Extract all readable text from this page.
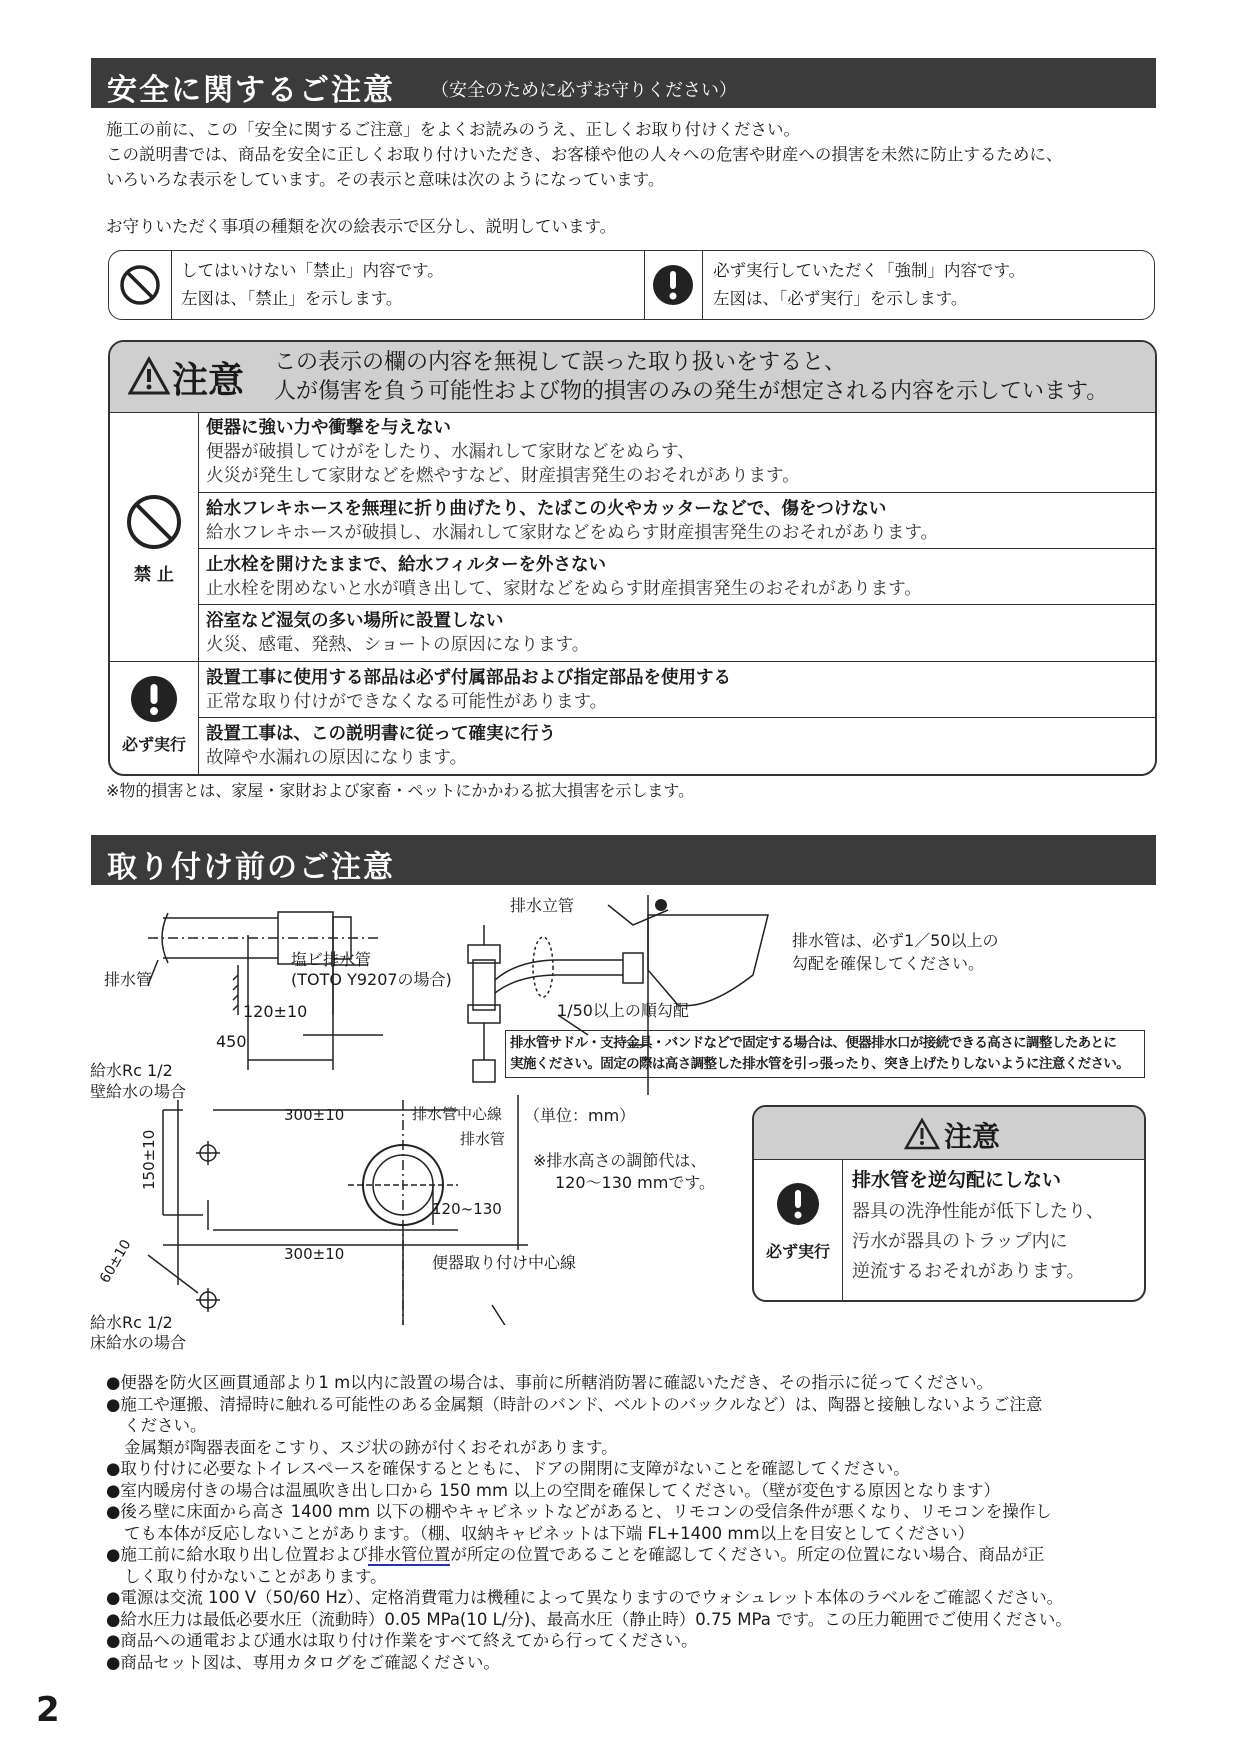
安全に関するご注意 （安全のために必ずお守りください）

施工の前に、この「安全に関するご注意」をよくお読みのうえ、正しくお取り付けください。

この説明書では、商品を安全に正しくお取り付けいただき、お客様や他の人々への危害や財産への損害を未然に防止するために、

いろいろな表示をしています。その表示と意味は次のようになっています。

お守りいただく事項の種類を次の絵表示で区分し、説明しています。
してはいけない「禁止」内容です。
左図は、「禁止」を示します。
必ず実行していただく「強制」内容です。
左図は、「必ず実行」を示します。
注意 この表示の欄の内容を無視して誤った取り扱いをすると、
人が傷害を負う可能性および物的損害のみの発生が想定される内容を示しています。
禁 止
必ず実行
便器に強い力や衝撃を与えない
便器が破損してけがをしたり、水漏れして家財などをぬらす、
火災が発生して家財などを燃やすなど、財産損害発生のおそれがあります。
給水フレキホースを無理に折り曲げたり、たばこの火やカッターなどで、傷をつけない
給水フレキホースが破損し、水漏れして家財などをぬらす財産損害発生のおそれがあります。
止水栓を開けたままで、給水フィルターを外さない
止水栓を閉めないと水が噴き出して、家財などをぬらす財産損害発生のおそれがあります。
浴室など湿気の多い場所に設置しない
火災、感電、発熱、ショートの原因になります。
設置工事に使用する部品は必ず付属部品および指定部品を使用する
正常な取り付けができなくなる可能性があります。
設置工事は、この説明書に従って確実に行う
故障や水漏れの原因になります。
※物的損害とは、家屋・家財および家畜・ペットにかかわる拡大損害を示します。
取り付け前のご注意
排水管
塩ビ排水管
(TOTO Y9207の場合)
120±10
450
排水立管
1/50以上の順勾配
排水管は、必ず1／50以上の
勾配を確保してください。
排水管サドル・支持金具・バンドなどで固定する場合は、便器排水口が接続できる高さに調整したあとに
実施ください。固定の際は高さ調整した排水管を引っ張ったり、突き上げたりしないように注意ください。
給水Rc 1/2
壁給水の場合
300±10	排水管中心線 （単位：mm）
排水管
150±10
120~130
※排水高さの調節代は、
120～130 mmです。
300±10
60±10	便器取り付け中心線
給水Rc 1/2
床給水の場合
注意
必ず実行
排水管を逆勾配にしない
器具の洗浄性能が低下したり、
汚水が器具のトラップ内に
逆流するおそれがあります。

●便器を防火区画貫通部より1 m以内に設置の場合は、事前に所轄消防署に確認いただき、その指示に従ってください。

●施工や運搬、清掃時に触れる可能性のある金属類（時計のバンド、ベルトのバックルなど）は、陶器と接触しないようご注意

ください。

金属類が陶器表面をこすり、スジ状の跡が付くおそれがあります。

●取り付けに必要なトイレスペースを確保するとともに、ドアの開閉に支障がないことを確認してください。

●室内暖房付きの場合は温風吹き出し口から 150 mm 以上の空間を確保してください。（壁が変色する原因となります）

●後ろ壁に床面から高さ 1400 mm 以下の棚やキャビネットなどがあると、リモコンの受信条件が悪くなり、リモコンを操作し

ても本体が反応しないことがあります。（棚、収納キャビネットは下端 FL+1400 mm以上を目安としてください）

●施工前に給水取り出し位置および排水管位置が所定の位置であることを確認してください。所定の位置にない場合、商品が正

しく取り付かないことがあります。

●電源は交流 100 V（50/60 Hz）、定格消費電力は機種によって異なりますのでウォシュレット本体のラベルをご確認ください。

●給水圧力は最低必要水圧（流動時）0.05 MPa(10 L/分)、最高水圧（静止時）0.75 MPa です。この圧力範囲でご使用ください。

●商品への通電および通水は取り付け作業をすべて終えてから行ってください。

●商品セット図は、専用カタログをご確認ください。

2
